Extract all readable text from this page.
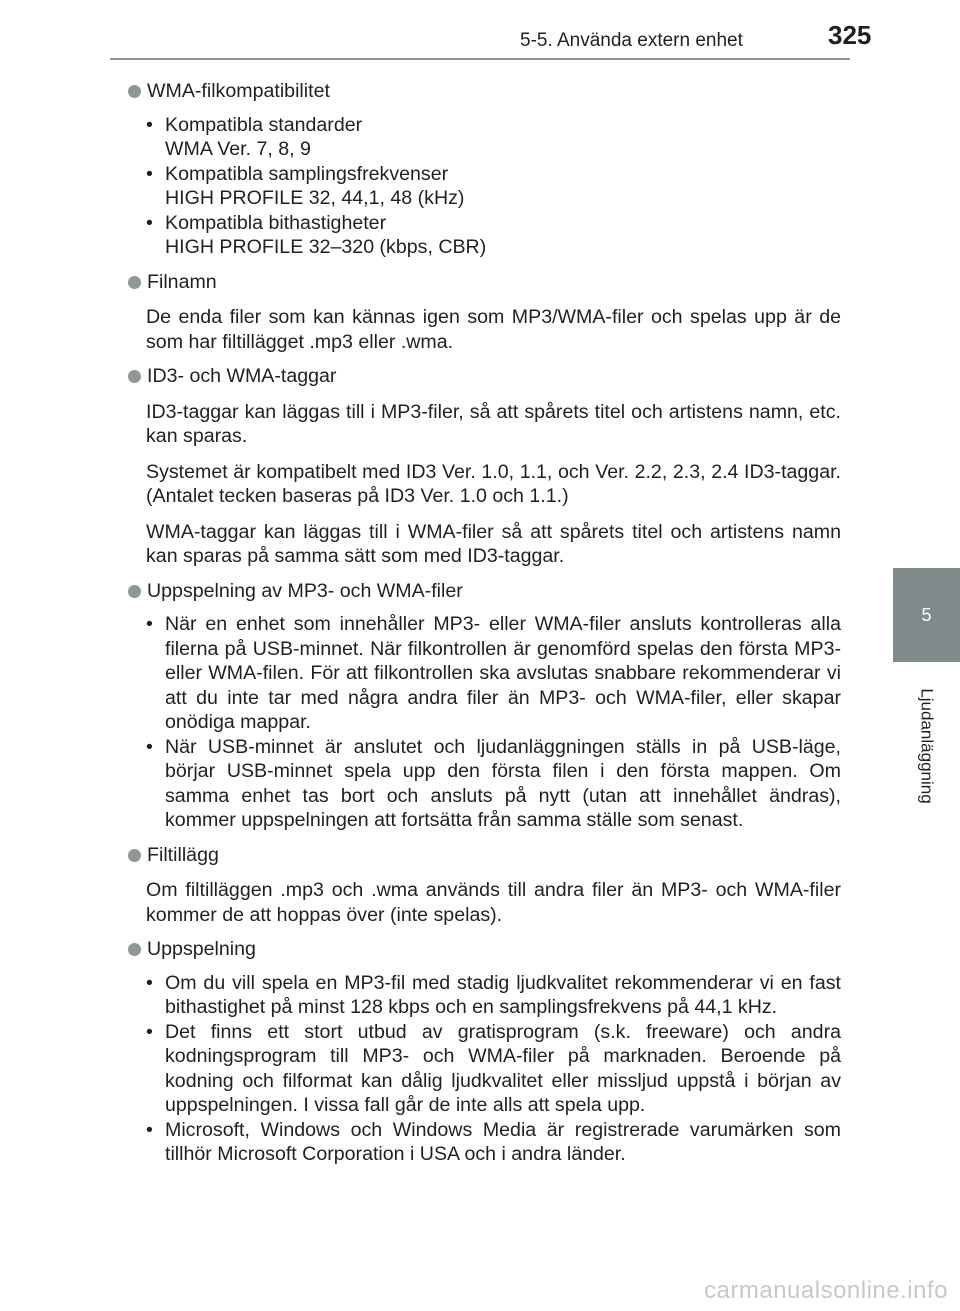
5-5. Använda extern enhet	325
5
Ljudanläggning
WMA-filkompatibilitet
• Kompatibla standarder
WMA Ver. 7, 8, 9
• Kompatibla samplingsfrekvenser
HIGH PROFILE 32, 44,1, 48 (kHz)
• Kompatibla bithastigheter
HIGH PROFILE 32–320 (kbps, CBR)
Filnamn
De enda filer som kan kännas igen som MP3/WMA-filer och spelas upp är de som har filtillägget .mp3 eller .wma.
ID3- och WMA-taggar
ID3-taggar kan läggas till i MP3-filer, så att spårets titel och artistens namn, etc. kan sparas.
Systemet är kompatibelt med ID3 Ver. 1.0, 1.1, och Ver. 2.2, 2.3, 2.4 ID3-taggar. (Antalet tecken baseras på ID3 Ver. 1.0 och 1.1.)
WMA-taggar kan läggas till i WMA-filer så att spårets titel och artistens namn kan sparas på samma sätt som med ID3-taggar.
Uppspelning av MP3- och WMA-filer
• När en enhet som innehåller MP3- eller WMA-filer ansluts kontrolleras alla filerna på USB-minnet. När filkontrollen är genomförd spelas den första MP3- eller WMA-filen. För att filkontrollen ska avslutas snabbare rekommenderar vi att du inte tar med några andra filer än MP3- och WMA-filer, eller skapar onödiga mappar.
• När USB-minnet är anslutet och ljudanläggningen ställs in på USB-läge, börjar USB-minnet spela upp den första filen i den första mappen. Om samma enhet tas bort och ansluts på nytt (utan att innehållet ändras), kommer uppspelningen att fortsätta från samma ställe som senast.
Filtillägg
Om filtilläggen .mp3 och .wma används till andra filer än MP3- och WMA-filer kommer de att hoppas över (inte spelas).
Uppspelning
• Om du vill spela en MP3-fil med stadig ljudkvalitet rekommenderar vi en fast bithastighet på minst 128 kbps och en samplingsfrekvens på 44,1 kHz.
• Det finns ett stort utbud av gratisprogram (s.k. freeware) och andra kodningsprogram till MP3- och WMA-filer på marknaden. Beroende på kodning och filformat kan dålig ljudkvalitet eller missljud uppstå i början av uppspelningen. I vissa fall går de inte alls att spela upp.
• Microsoft, Windows och Windows Media är registrerade varumärken som tillhör Microsoft Corporation i USA och i andra länder.
carmanualsonline.info
